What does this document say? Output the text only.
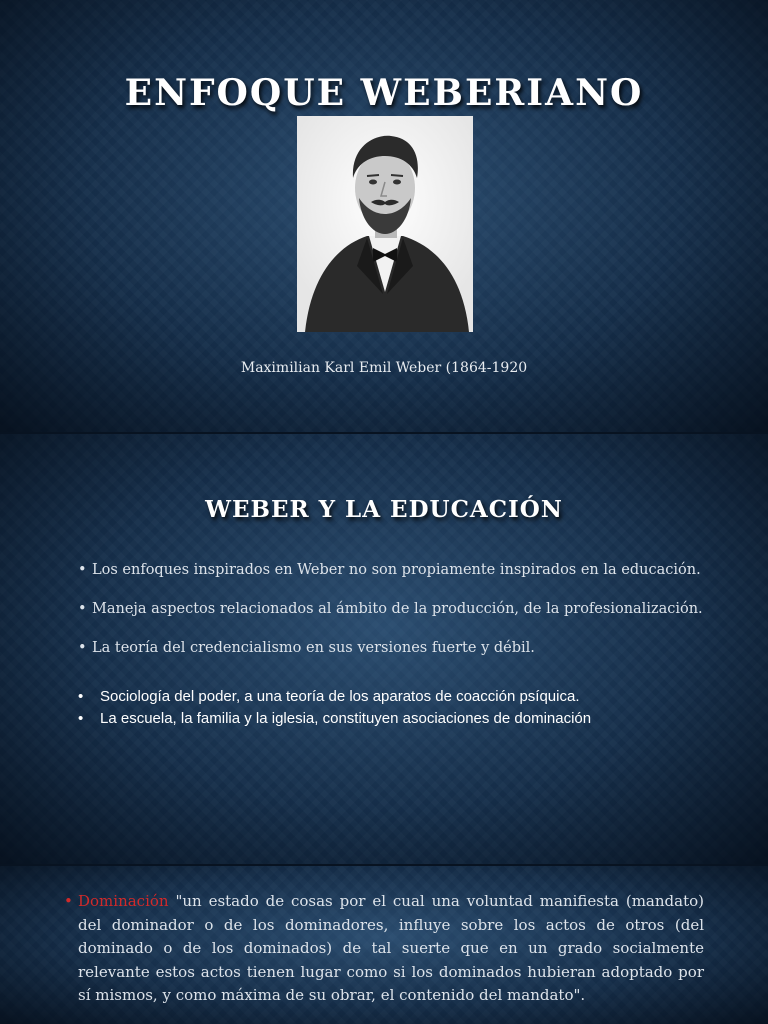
ENFOQUE WEBERIANO
Maximilian Karl Emil Weber (1864-1920
WEBER Y LA EDUCACIÓN
• Los enfoques inspirados en Weber no son propiamente inspirados en la educación.
• Maneja aspectos relacionados al ámbito de la producción, de la profesionalización.
• La teoría del credencialismo en sus versiones fuerte y débil.
• Sociología del poder, a una teoría de los aparatos de coacción psíquica.
• La escuela, la familia y la iglesia, constituyen asociaciones de dominación
• Dominación "un estado de cosas por el cual una voluntad manifiesta (mandato) del dominador o de los dominadores, influye sobre los actos de otros (del dominado o de los dominados) de tal suerte que en un grado socialmente relevante estos actos tienen lugar como si los dominados hubieran adoptado por sí mismos, y como máxima de su obrar, el contenido del mandato".
